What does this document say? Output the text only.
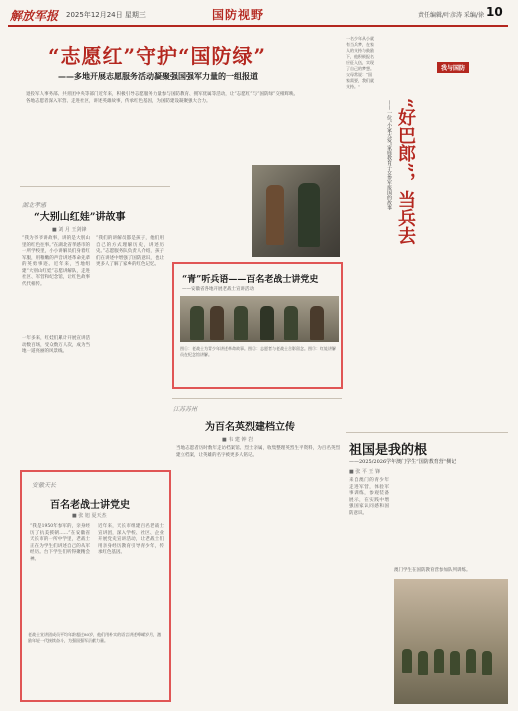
解放军报 2025年12月24日 星期三	国防视野	责任编辑/叶彦涛 采编/徐 10
“志愿红”守护“国防绿”
——多地开展志愿服务活动凝聚强国强军力量的一组报道
退役军人事务部、共青团中央等部门近年来，积极引导志愿服务力量参与国防教育、拥军优属等活动，让“志愿红”与“国防绿”交相辉映。各地志愿者深入军营、走进社区，讲述英雄故事，传承红色基因，为国防建设凝聚强大合力。
湖北孝感
“大别山红娃”讲故事
■ 刘 月 王剑锋
“我为爷爷讲故事，讲的是大别山里的红色往事。”在湖北省孝感市的一所学校里，小小讲解员们身着红军服，用稚嫩的声音讲述革命先辈的英勇事迹。近年来，当地组建“大别山红娃”志愿讲解队，走进社区、军营和纪念馆，让红色故事代代相传。
“我们的讲解员都是孩子，他们用自己的方式理解历史，讲述历史。”志愿服务队负责人介绍，孩子们在讲述中增强了国防意识，也让更多人了解了家乡的红色记忆。
一年多来，红娃们累计开展宣讲活动数百场，受众数万人次，成为当地一道亮丽的风景线。
“青”听兵语——百名老战士讲党史
——安徽省各地开展老战士宣讲活动
图①：老战士为青少年讲述革命故事。图②：志愿者与老战士合影留念。图③：红娃讲解员在纪念馆讲解。
一名少年从小就有当兵梦，在家人的支持与鼓励下，他积极报名应征入伍，实现了自己的梦想。父母常说：“国家需要，我们就支持。”
我与国防
“好巴郎”，当兵去
——一位“小家大爱”家庭教育子女参军报国的故事
安徽天长
百名老战士讲党史
■ 张 旭 夏天杰
“我是1950年参军的，亲身经历了抗美援朝……”在安徽省天长市的一所中学里，老战士正在为学生们讲述自己的从军经历。台下学生们听得聚精会神。
近年来，天长市组建百名老战士宣讲团，深入学校、社区、企业开展党史宣讲活动，让老战士们用亲身经历教育引导青少年，传承红色基因。
老战士宣讲团成员平均年龄超过80岁，他们用朴实的语言讲述峥嵘岁月，激励年轻一代接续奋斗，为强国强军贡献力量。
江苏苏州
为百名英烈建档立传
■ 韦 建 钟 岩
当地志愿者历时数年走访档案馆、烈士亲属，收集整理英烈生平资料，为百名英烈建立档案，让英雄的名字被更多人铭记。	祖国是我的根
——2025/2026学年澳门学生“国防教育营”侧记
■ 张 平 王 锋
来自澳门的青少年走进军营，体验军事训练，参观装备展示，在实践中增强国家认同感和国防意识。
澳门学生在国防教育营参加队列训练。
